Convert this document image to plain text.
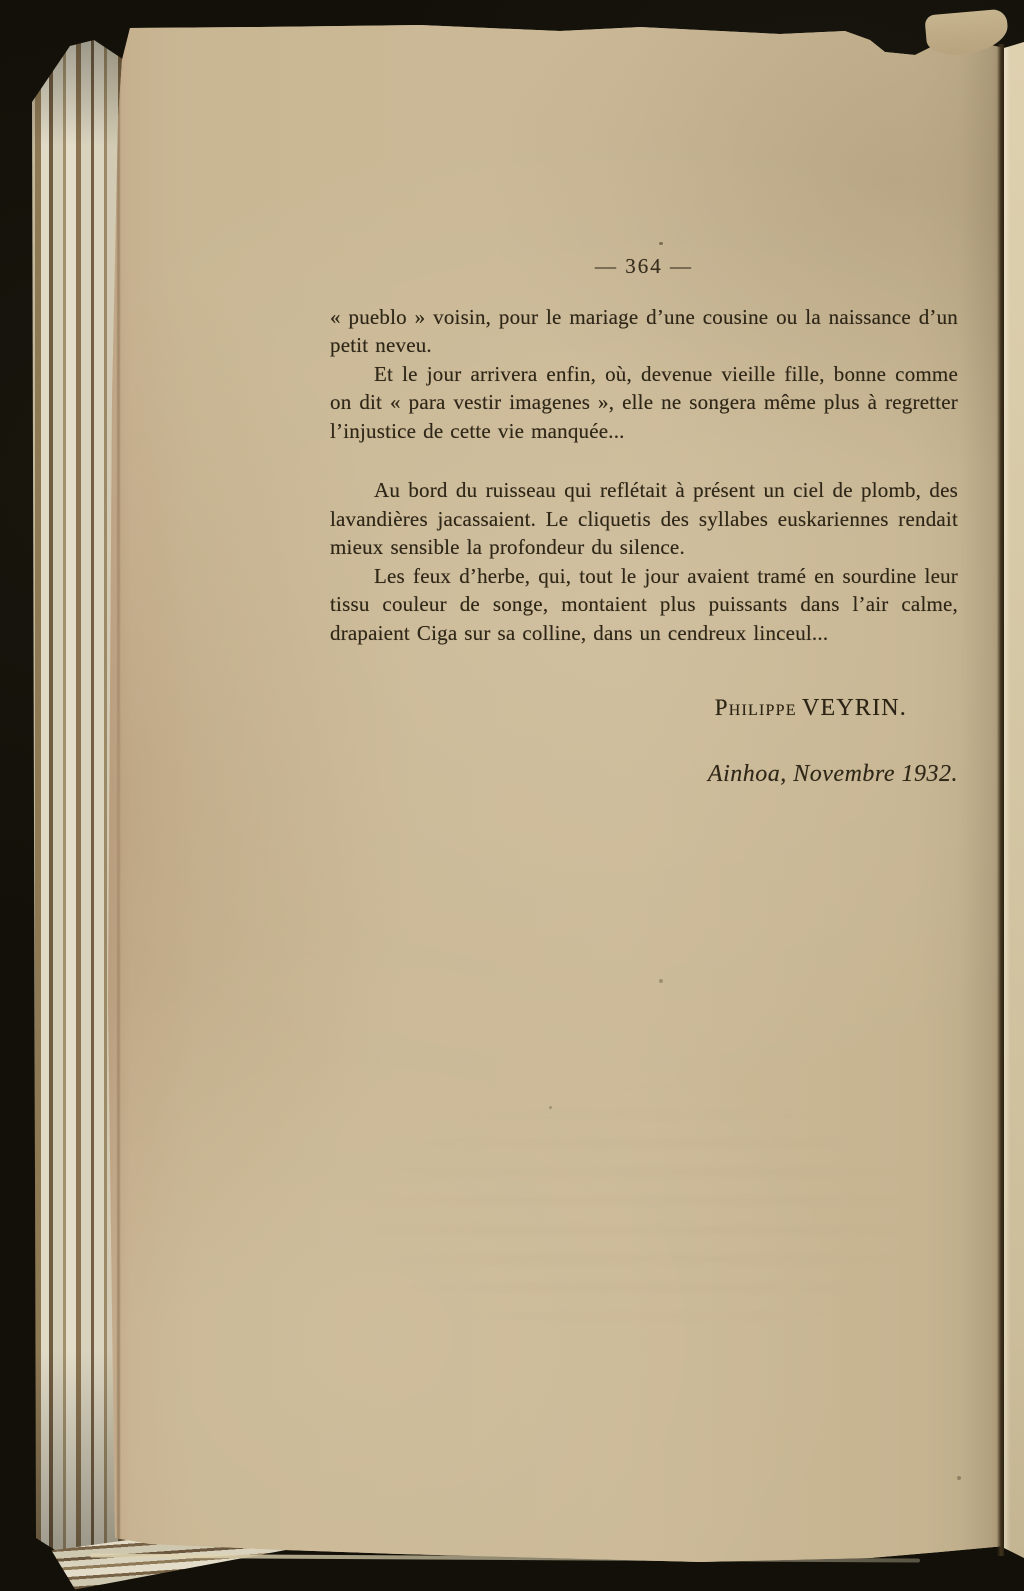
— 364 —

« pueblo » voisin, pour le mariage d’une cousine ou la naissance d’un petit neveu.

Et le jour arrivera enfin, où, devenue vieille fille, bonne comme on dit « para vestir imagenes », elle ne songera même plus à regretter l’injustice de cette vie manquée...

Au bord du ruisseau qui reflétait à présent un ciel de plomb, des lavandières jacassaient. Le cliquetis des syllabes euskariennes rendait mieux sensible la profondeur du silence.

Les feux d’herbe, qui, tout le jour avaient tramé en sourdine leur tissu couleur de songe, montaient plus puissants dans l’air calme, drapaient Ciga sur sa colline, dans un cendreux linceul...

Philippe VEYRIN.
Ainhoa, Novembre 1932.
